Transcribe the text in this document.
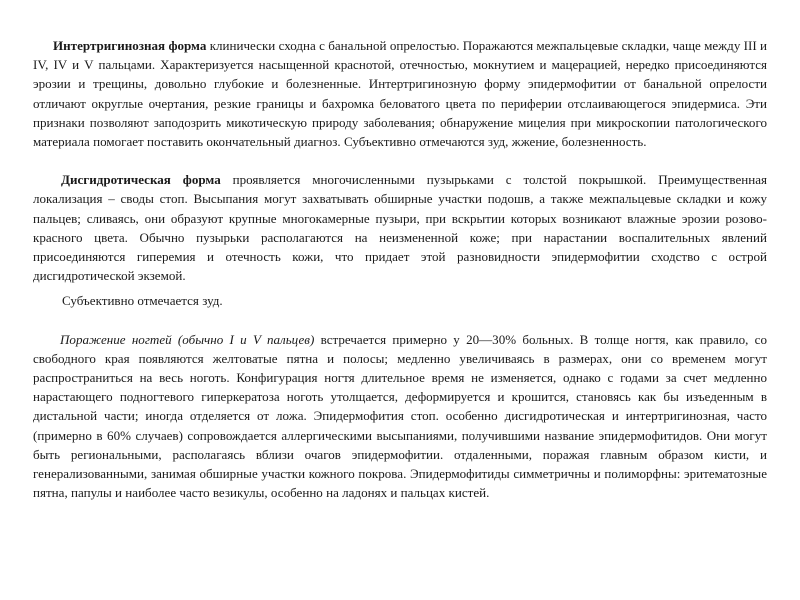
Интертригинозная форма клинически сходна с банальной опрелостью. Поражаются межпальцевые складки, чаще между III и IV, IV и V пальцами. Характеризуется насыщенной краснотой, отечностью, мокнутием и мацерацией, нередко присоединяются эрозии и трещины, довольно глубокие и болезненные. Интертригинозную форму эпидермофитии от банальной опрелости отличают округлые очертания, резкие границы и бахромка беловатого цвета по периферии отслаивающегося эпидермиса. Эти признаки позволяют заподозрить микотическую природу заболевания; обнаружение мицелия при микроскопии патологического материала помогает поставить окончательный диагноз. Субъективно отмечаются зуд, жжение, болезненность.

Дисгидротическая форма проявляется многочисленными пузырьками с толстой покрышкой. Преимущественная локализация – своды стоп. Высыпания могут захватывать обширные участки подошв, а также межпальцевые складки и кожу пальцев; сливаясь, они образуют крупные многокамерные пузыри, при вскрытии которых возникают влажные эрозии розово-красного цвета. Обычно пузырьки располагаются на неизмененной коже; при нарастании воспалительных явлений присоединяются гиперемия и отечность кожи, что придает этой разновидности эпидермофитии сходство с острой дисгидротической экземой.

Субъективно отмечается зуд.

Поражение ногтей (обычно I и V пальцев) встречается примерно у 20—30% больных. В толще ногтя, как правило, со свободного края появляются желтоватые пятна и полосы; медленно увеличиваясь в размерах, они со временем могут распространиться на весь ноготь. Конфигурация ногтя длительное время не изменяется, однако с годами за счет медленно нарастающего подногтевого гиперкератоза ноготь утолщается, деформируется и крошится, становясь как бы изъеденным в дистальной части; иногда отделяется от ложа. Эпидермофития стоп. особенно дисгидротическая и интертригинозная, часто (примерно в 60% случаев) сопровождается аллергическими высыпаниями, получившими название эпидермофитидов. Они могут быть региональными, располагаясь вблизи очагов эпидермофитии. отдаленными, поражая главным образом кисти, и генерализованными, занимая обширные участки кожного покрова. Эпидермофитиды симметричны и полиморфны: эритематозные пятна, папулы и наиболее часто везикулы, особенно на ладонях и пальцах кистей.
